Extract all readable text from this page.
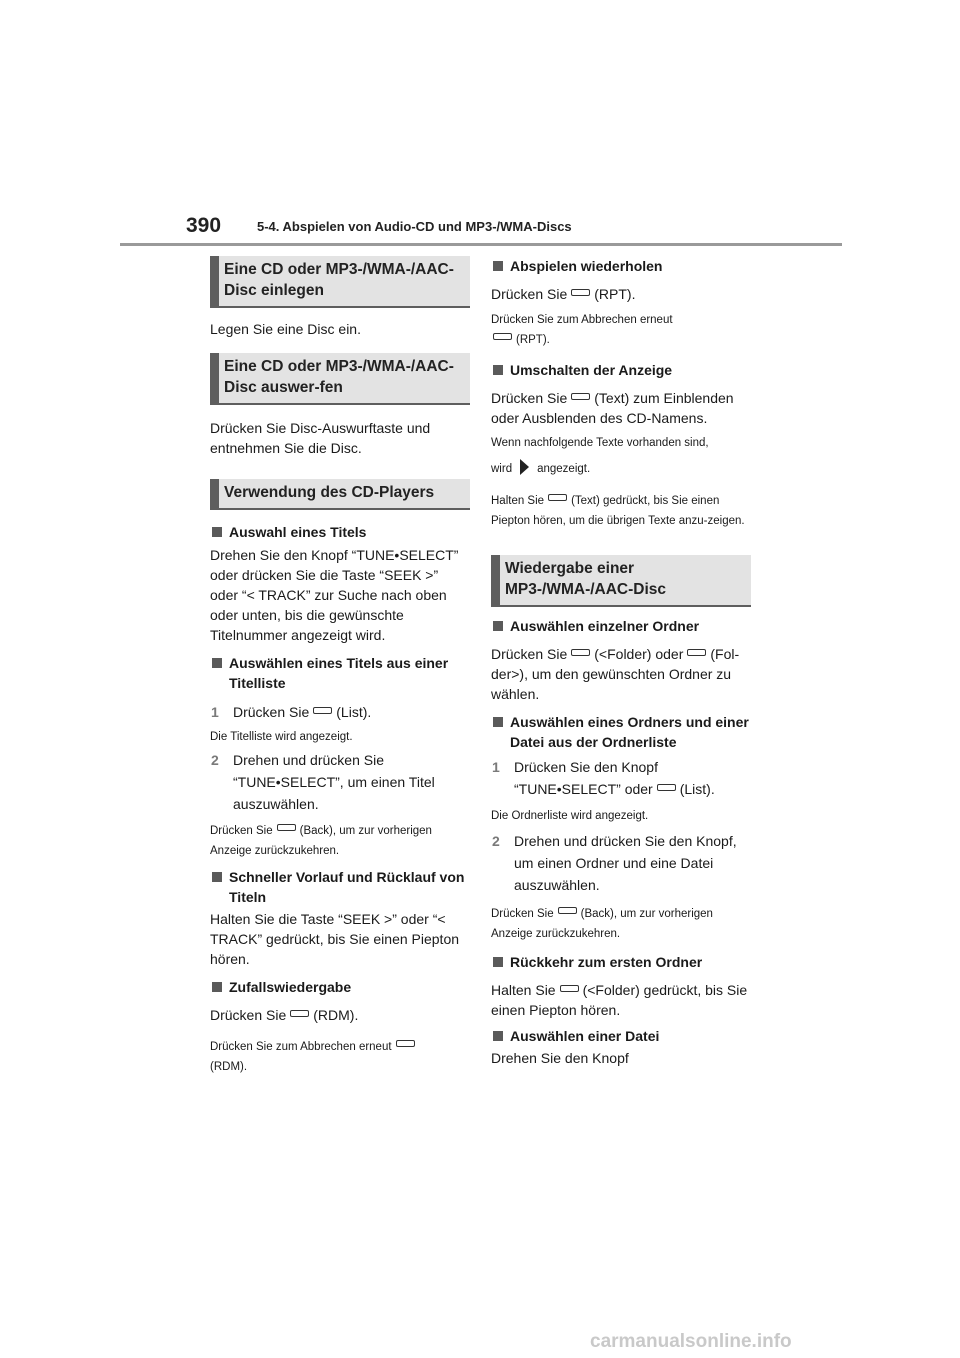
390	5-4. Abspielen von Audio-CD und MP3-/WMA-Discs
Eine CD oder MP3-/WMA-/AAC-Disc einlegen

Legen Sie eine Disc ein.

Eine CD oder MP3-/WMA-/AAC-Disc auswer-fen

Drücken Sie Disc-Auswurftaste und entnehmen Sie die Disc.

Verwendung des CD-Players
Auswahl eines Titels

Drehen Sie den Knopf “TUNE•SELECT” oder drücken Sie die Taste “SEEK >” oder “< TRACK” zur Suche nach oben oder unten, bis die gewünschte Titelnummer angezeigt wird.

Auswählen eines Titels aus einer Titelliste
1 Drücken Sie (List).

Die Titelliste wird angezeigt.

2 Drehen und drücken Sie “TUNE•SELECT”, um einen Titel auszuwählen.

Drücken Sie (Back), um zur vorherigen Anzeige zurückzukehren.

Schneller Vorlauf und Rücklauf von Titeln

Halten Sie die Taste “SEEK >” oder “< TRACK” gedrückt, bis Sie einen Piepton hören.

Zufallswiedergabe

Drücken Sie (RDM).

Drücken Sie zum Abbrechen erneut
(RDM).

Abspielen wiederholen

Drücken Sie (RPT).

Drücken Sie zum Abbrechen erneut
(RPT).

Umschalten der Anzeige

Drücken Sie (Text) zum Einblenden oder Ausblenden des CD-Namens.

Wenn nachfolgende Texte vorhanden sind,

wird angezeigt.

Halten Sie (Text) gedrückt, bis Sie einen Piepton hören, um die übrigen Texte anzu-zeigen.

Wiedergabe einer MP3-/WMA-/AAC-Disc
Auswählen einzelner Ordner

Drücken Sie (<Folder) oder (Fol-der>), um den gewünschten Ordner zu wählen.

Auswählen eines Ordners und einer Datei aus der Ordnerliste
1 Drücken Sie den Knopf “TUNE•SELECT” oder (List).

Die Ordnerliste wird angezeigt.

2 Drehen und drücken Sie den Knopf, um einen Ordner und eine Datei auszuwählen.

Drücken Sie (Back), um zur vorherigen Anzeige zurückzukehren.

Rückkehr zum ersten Ordner

Halten Sie (<Folder) gedrückt, bis Sie einen Piepton hören.

Auswählen einer Datei

Drehen Sie den Knopf

carmanualsonline.info
